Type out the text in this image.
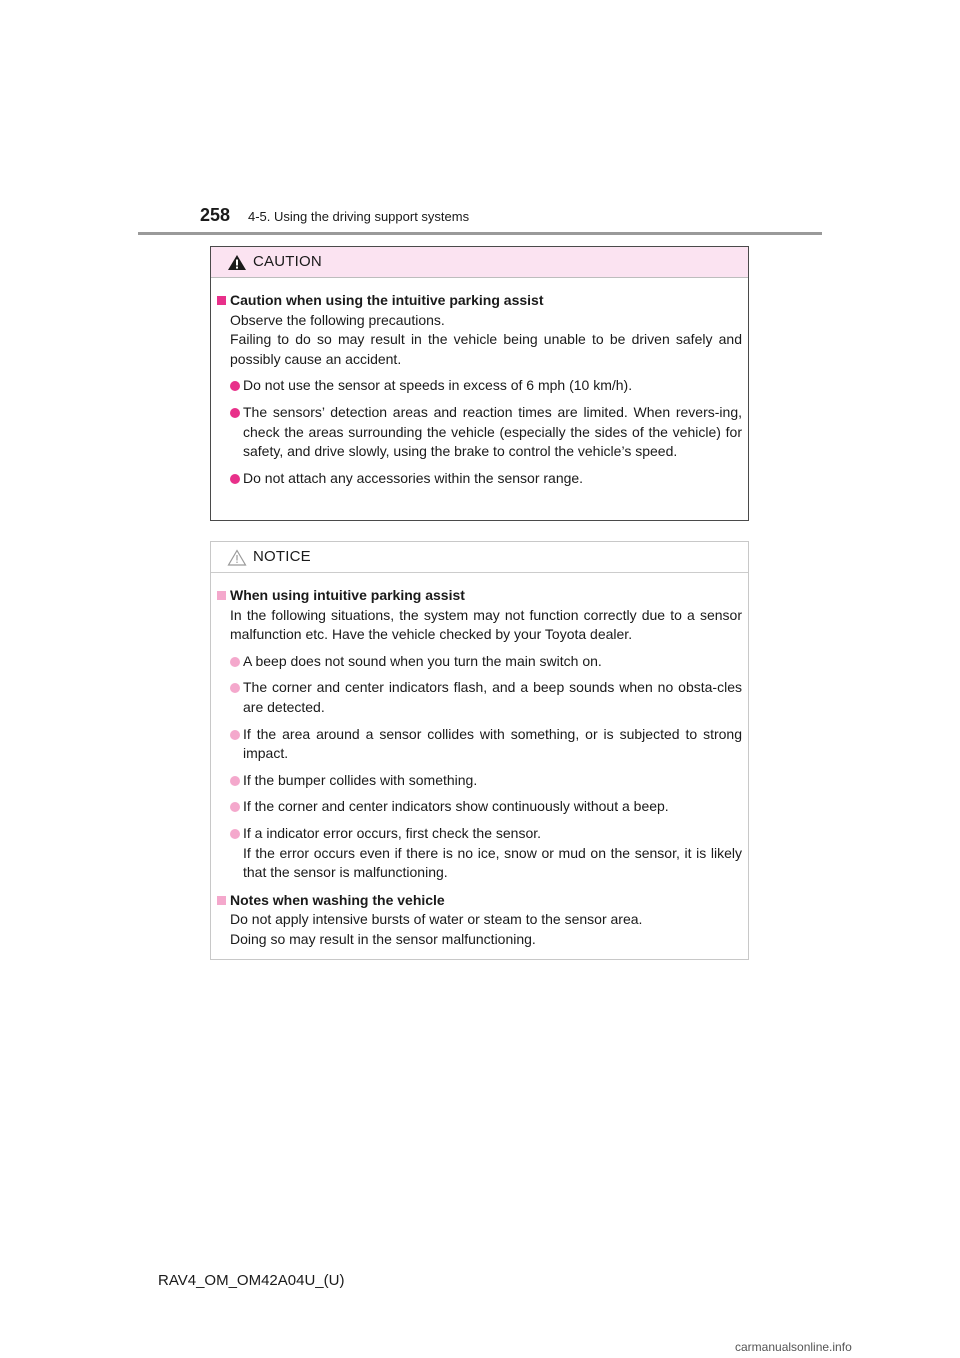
258 4-5. Using the driving support systems
CAUTION
Caution when using the intuitive parking assist
Observe the following precautions.
Failing to do so may result in the vehicle being unable to be driven safely and possibly cause an accident.
Do not use the sensor at speeds in excess of 6 mph (10 km/h).
The sensors’ detection areas and reaction times are limited. When revers-ing, check the areas surrounding the vehicle (especially the sides of the vehicle) for safety, and drive slowly, using the brake to control the vehicle’s speed.
Do not attach any accessories within the sensor range.
NOTICE
When using intuitive parking assist
In the following situations, the system may not function correctly due to a sensor malfunction etc. Have the vehicle checked by your Toyota dealer.
A beep does not sound when you turn the main switch on.
The corner and center indicators flash, and a beep sounds when no obsta-cles are detected.
If the area around a sensor collides with something, or is subjected to strong impact.
If the bumper collides with something.
If the corner and center indicators show continuously without a beep.
If a indicator error occurs, first check the sensor.
If the error occurs even if there is no ice, snow or mud on the sensor, it is likely that the sensor is malfunctioning.
Notes when washing the vehicle
Do not apply intensive bursts of water or steam to the sensor area.
Doing so may result in the sensor malfunctioning.
RAV4_OM_OM42A04U_(U)
carmanualsonline.info
